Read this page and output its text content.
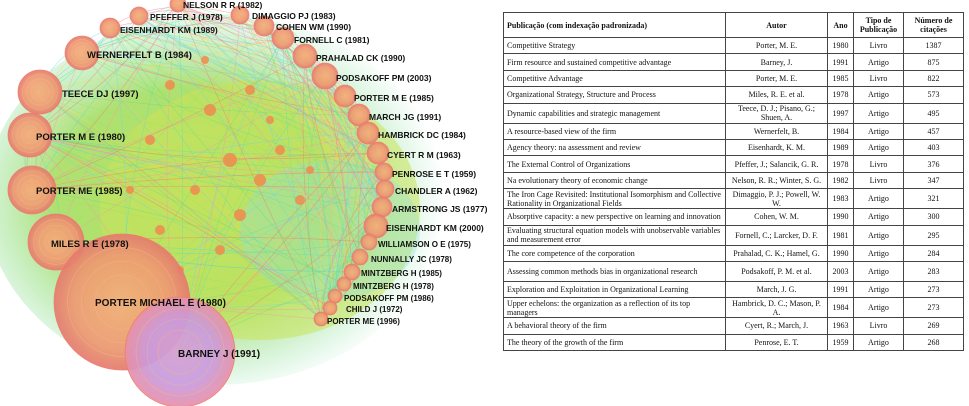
NELSON R R (1982)
PFEFFER J (1978)	DIMAGGIO PJ (1983)
EISENHARDT KM (1989)	COHEN WM (1990)
FORNELL C (1981)
WERNERFELT B (1984)	PRAHALAD CK (1990)
PODSAKOFF PM (2003)
TEECE DJ (1997)	PORTER M E (1985)
MARCH JG (1991)
PORTER M E (1980)	HAMBRICK DC (1984)
CYERT R M (1963)
PENROSE E T (1959)
PORTER ME (1985)	CHANDLER A (1962)
ARMSTRONG JS (1977)
EISENHARDT KM (2000)
MILES R E (1978)	WILLIAMSON O E (1975)
NUNNALLY JC (1978)
MINTZBERG H (1985)
MINTZBERG H (1978)
PORTER MICHAEL E (1980)	PODSAKOFF PM (1986)
CHILD J (1972)
PORTER ME (1996)
BARNEY J (1991)
Publicação (com indexação padronizada)	Autor	Ano	Tipo de Publicação	Número de citações
Competitive Strategy	Porter, M. E.	1980	Livro	1387
Firm resource and sustained competitive advantage	Barney, J.	1991	Artigo	875
Competitive Advantage	Porter, M. E.	1985	Livro	822
Organizational Strategy, Structure and Process	Miles, R. E. et al.	1978	Artigo	573
Dynamic capabilities and strategic management	Teece, D. J.; Pisano, G.; Shuen, A.	1997	Artigo	495
A resource-based view of the firm	Wernerfelt, B.	1984	Artigo	457
Agency theory: na assessment and review	Eisenhardt, K. M.	1989	Artigo	403
The External Control of Organizations	Pfeffer, J.; Salancik, G. R.	1978	Livro	376
Na evolutionary theory of economic change	Nelson, R. R.; Winter, S. G.	1982	Livro	347
The Iron Cage Revisited: Institutional Isomorphism and Collective Rationality in Organizational Fields	Dimaggio, P. J.; Powell, W. W.	1983	Artigo	321
Absorptive capacity: a new perspective on learning and innovation	Cohen, W. M.	1990	Artigo	300
Evaluating structural equation models with unobservable variables and measurement error	Fornell, C.; Larcker, D. F.	1981	Artigo	295
The core competence of the corporation	Prahalad, C. K.; Hamel, G.	1990	Artigo	284
Assessing common methods bias in organizational research	Podsakoff, P. M. et al.	2003	Artigo	283
Exploration and Exploitation in Organizational Learning	March, J. G.	1991	Artigo	273
Upper echelons: the organization as a reflection of its top managers	Hambrick, D. C.; Mason, P. A.	1984	Artigo	273
A behavioral theory of the firm	Cyert, R.; March, J.	1963	Livro	269
The theory of the growth of the firm	Penrose, E. T.	1959	Artigo	268
